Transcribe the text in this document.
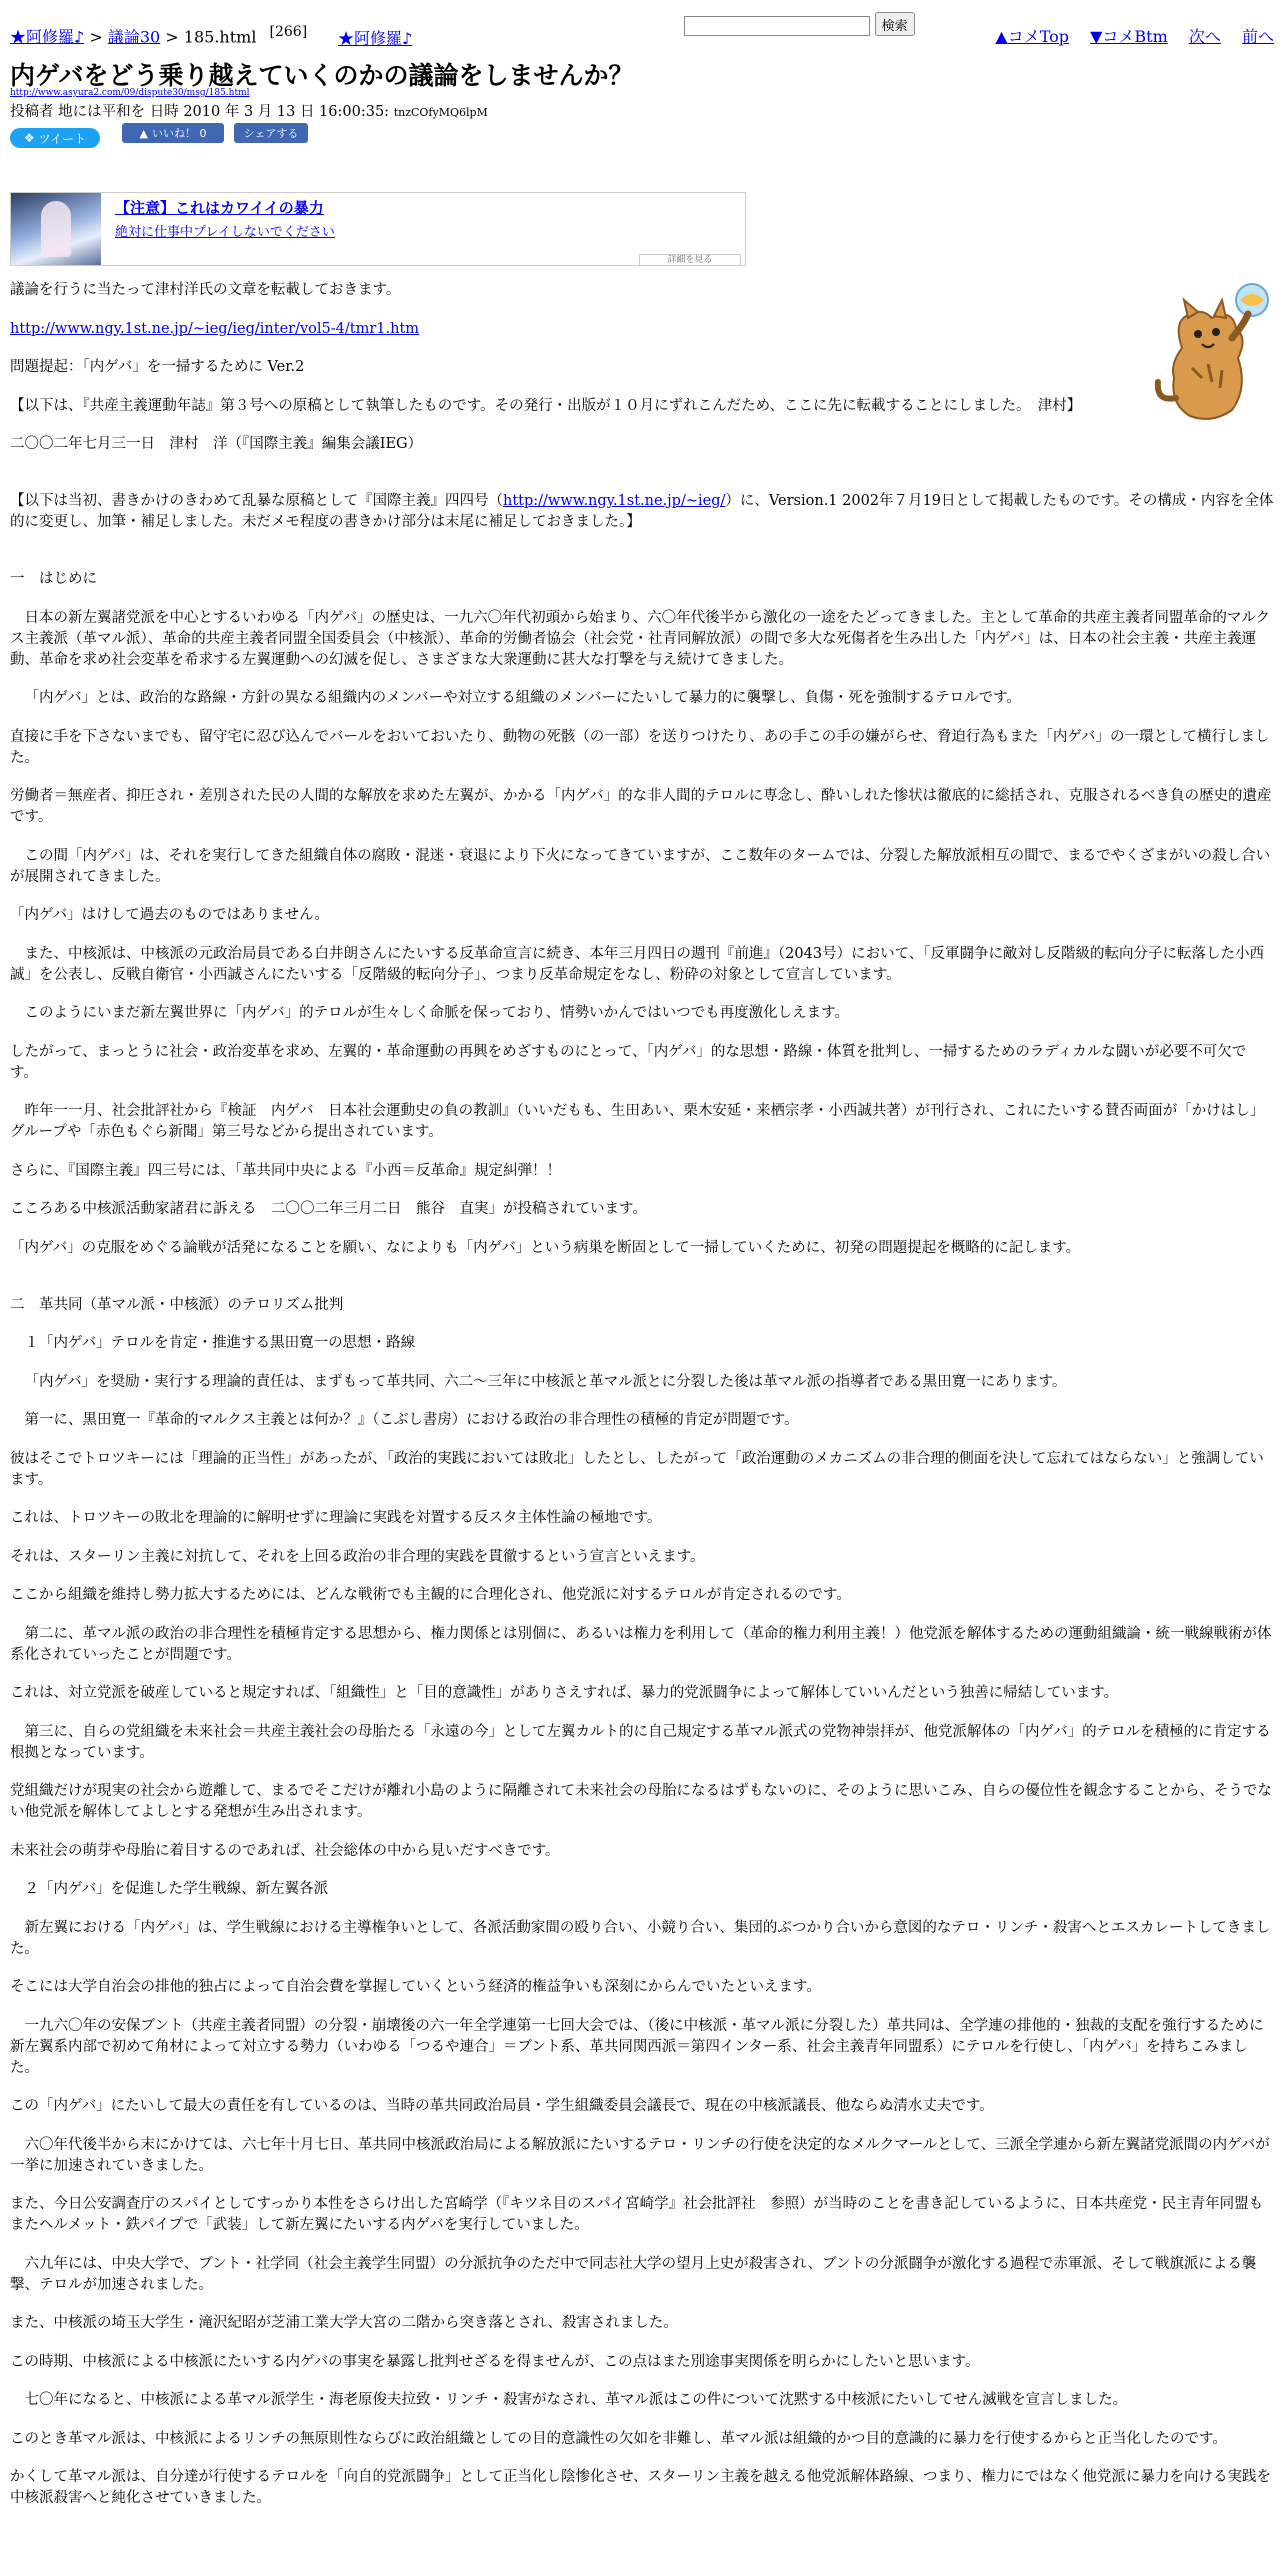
★阿修羅♪ > 議論30 > 185.html [266] ★阿修羅♪
検索
▲コメTop ▼コメBtm 次へ 前へ
内ゲバをどう乗り越えていくのかの議論をしませんか？
http://www.asyura2.com/09/dispute30/msg/185.html
投稿者 地には平和を 日時 2010 年 3 月 13 日 16:00:35: tnzCOfyMQ6lpM
❖ ツイート	▲ いいね！ 0	シェアする
【注意】これはカワイイの暴力
絶対に仕事中プレイしないでください
詳細を見る

議論を行うに当たって津村洋氏の文章を転載しておきます。

http://www.ngy.1st.ne.jp/~ieg/ieg/inter/vol5-4/tmr1.htm

問題提起：「内ゲバ」を一掃するために Ver.2

【以下は、『共産主義運動年誌』第３号への原稿として執筆したものです。その発行・出版が１０月にずれこんだため、ここに先に転載することにしました。　津村】

二〇〇二年七月三一日　津村　洋（『国際主義』編集会議IEG）

【以下は当初、書きかけのきわめて乱暴な原稿として『国際主義』四四号（http://www.ngy.1st.ne.jp/~ieg/）に、Version.1 2002年７月19日として掲載したものです。その構成・内容を全体的に変更し、加筆・補足しました。未だメモ程度の書きかけ部分は末尾に補足しておきました。】

一　はじめに

日本の新左翼諸党派を中心とするいわゆる「内ゲバ」の歴史は、一九六〇年代初頭から始まり、六〇年代後半から激化の一途をたどってきました。主として革命的共産主義者同盟革命的マルクス主義派（革マル派）、革命的共産主義者同盟全国委員会（中核派）、革命的労働者協会（社会党・社青同解放派）の間で多大な死傷者を生み出した「内ゲバ」は、日本の社会主義・共産主義運動、革命を求め社会変革を希求する左翼運動への幻滅を促し、さまざまな大衆運動に甚大な打撃を与え続けてきました。

「内ゲバ」とは、政治的な路線・方針の異なる組織内のメンバーや対立する組織のメンバーにたいして暴力的に襲撃し、負傷・死を強制するテロルです。

直接に手を下さないまでも、留守宅に忍び込んでバールをおいておいたり、動物の死骸（の一部）を送りつけたり、あの手この手の嫌がらせ、脅迫行為もまた「内ゲバ」の一環として横行しました。

労働者＝無産者、抑圧され・差別された民の人間的な解放を求めた左翼が、かかる「内ゲバ」的な非人間的テロルに専念し、酔いしれた惨状は徹底的に総括され、克服されるべき負の歴史的遺産です。

この間「内ゲバ」は、それを実行してきた組織自体の腐敗・混迷・衰退により下火になってきていますが、ここ数年のタームでは、分裂した解放派相互の間で、まるでやくざまがいの殺し合いが展開されてきました。

「内ゲバ」はけして過去のものではありません。

また、中核派は、中核派の元政治局員である白井朗さんにたいする反革命宣言に続き、本年三月四日の週刊『前進』（2043号）において、「反軍闘争に敵対し反階級的転向分子に転落した小西誠」を公表し、反戦自衛官・小西誠さんにたいする「反階級的転向分子」、つまり反革命規定をなし、粉砕の対象として宣言しています。

このようにいまだ新左翼世界に「内ゲバ」的テロルが生々しく命脈を保っており、情勢いかんではいつでも再度激化しえます。

したがって、まっとうに社会・政治変革を求め、左翼的・革命運動の再興をめざすものにとって、「内ゲバ」的な思想・路線・体質を批判し、一掃するためのラディカルな闘いが必要不可欠です。

昨年一一月、社会批評社から『検証　内ゲバ　日本社会運動史の負の教訓』（いいだもも、生田あい、栗木安延・来栖宗孝・小西誠共著）が刊行され、これにたいする賛否両面が「かけはし」グループや「赤色もぐら新聞」第三号などから提出されています。

さらに、『国際主義』四三号には、「革共同中央による『小西＝反革命』規定糾弾！！

こころある中核派活動家諸君に訴える　二〇〇二年三月二日　熊谷　直実」が投稿されています。

「内ゲバ」の克服をめぐる論戦が活発になることを願い、なによりも「内ゲバ」という病巣を断固として一掃していくために、初発の問題提起を概略的に記します。

二　革共同（革マル派・中核派）のテロリズム批判

１「内ゲバ」テロルを肯定・推進する黒田寛一の思想・路線

「内ゲバ」を奨励・実行する理論的責任は、まずもって革共同、六二～三年に中核派と革マル派とに分裂した後は革マル派の指導者である黒田寛一にあります。

第一に、黒田寛一『革命的マルクス主義とは何か？』（こぶし書房）における政治の非合理性の積極的肯定が問題です。

彼はそこでトロツキーには「理論的正当性」があったが、「政治的実践においては敗北」したとし、したがって「政治運動のメカニズムの非合理的側面を決して忘れてはならない」と強調しています。

これは、トロツキーの敗北を理論的に解明せずに理論に実践を対置する反スタ主体性論の極地です。

それは、スターリン主義に対抗して、それを上回る政治の非合理的実践を貫徹するという宣言といえます。

ここから組織を維持し勢力拡大するためには、どんな戦術でも主観的に合理化され、他党派に対するテロルが肯定されるのです。

第二に、革マル派の政治の非合理性を積極肯定する思想から、権力関係とは別個に、あるいは権力を利用して（革命的権力利用主義！）他党派を解体するための運動組織論・統一戦線戦術が体系化されていったことが問題です。

これは、対立党派を破産していると規定すれば、「組織性」と「目的意識性」がありさえすれば、暴力的党派闘争によって解体していいんだという独善に帰結しています。

第三に、自らの党組織を未来社会＝共産主義社会の母胎たる「永遠の今」として左翼カルト的に自己規定する革マル派式の党物神崇拝が、他党派解体の「内ゲバ」的テロルを積極的に肯定する根拠となっています。

党組織だけが現実の社会から遊離して、まるでそこだけが離れ小島のように隔離されて未来社会の母胎になるはずもないのに、そのように思いこみ、自らの優位性を観念することから、そうでない他党派を解体してよしとする発想が生み出されます。

未来社会の萌芽や母胎に着目するのであれば、社会総体の中から見いだすべきです。

２「内ゲバ」を促進した学生戦線、新左翼各派

新左翼における「内ゲバ」は、学生戦線における主導権争いとして、各派活動家間の殴り合い、小競り合い、集団的ぶつかり合いから意図的なテロ・リンチ・殺害へとエスカレートしてきました。

そこには大学自治会の排他的独占によって自治会費を掌握していくという経済的権益争いも深刻にからんでいたといえます。

一九六〇年の安保ブント（共産主義者同盟）の分裂・崩壊後の六一年全学連第一七回大会では、（後に中核派・革マル派に分裂した）革共同は、全学連の排他的・独裁的支配を強行するために新左翼系内部で初めて角材によって対立する勢力（いわゆる「つるや連合」＝ブント系、革共同関西派＝第四インター系、社会主義青年同盟系）にテロルを行使し、「内ゲバ」を持ちこみました。

この「内ゲバ」にたいして最大の責任を有しているのは、当時の革共同政治局員・学生組織委員会議長で、現在の中核派議長、他ならぬ清水丈夫です。

六〇年代後半から末にかけては、六七年十月七日、革共同中核派政治局による解放派にたいするテロ・リンチの行使を決定的なメルクマールとして、三派全学連から新左翼諸党派間の内ゲバが一挙に加速されていきました。

また、今日公安調査庁のスパイとしてすっかり本性をさらけ出した宮崎学（『キツネ目のスパイ宮崎学』社会批評社　参照）が当時のことを書き記しているように、日本共産党・民主青年同盟もまたヘルメット・鉄パイプで「武装」して新左翼にたいする内ゲバを実行していました。

六九年には、中央大学で、ブント・社学同（社会主義学生同盟）の分派抗争のただ中で同志社大学の望月上史が殺害され、ブントの分派闘争が激化する過程で赤軍派、そして戦旗派による襲撃、テロルが加速されました。

また、中核派の埼玉大学生・滝沢紀昭が芝浦工業大学大宮の二階から突き落とされ、殺害されました。

この時期、中核派による中核派にたいする内ゲバの事実を暴露し批判せざるを得ませんが、この点はまた別途事実関係を明らかにしたいと思います。

七〇年になると、中核派による革マル派学生・海老原俊夫拉致・リンチ・殺害がなされ、革マル派はこの件について沈黙する中核派にたいしてせん滅戦を宣言しました。

このとき革マル派は、中核派によるリンチの無原則性ならびに政治組織としての目的意識性の欠如を非難し、革マル派は組織的かつ目的意識的に暴力を行使するからと正当化したのです。

かくして革マル派は、自分達が行使するテロルを「向自的党派闘争」として正当化し陰惨化させ、スターリン主義を越える他党派解体路線、つまり、権力にではなく他党派に暴力を向ける実践を中核派殺害へと純化させていきました。
